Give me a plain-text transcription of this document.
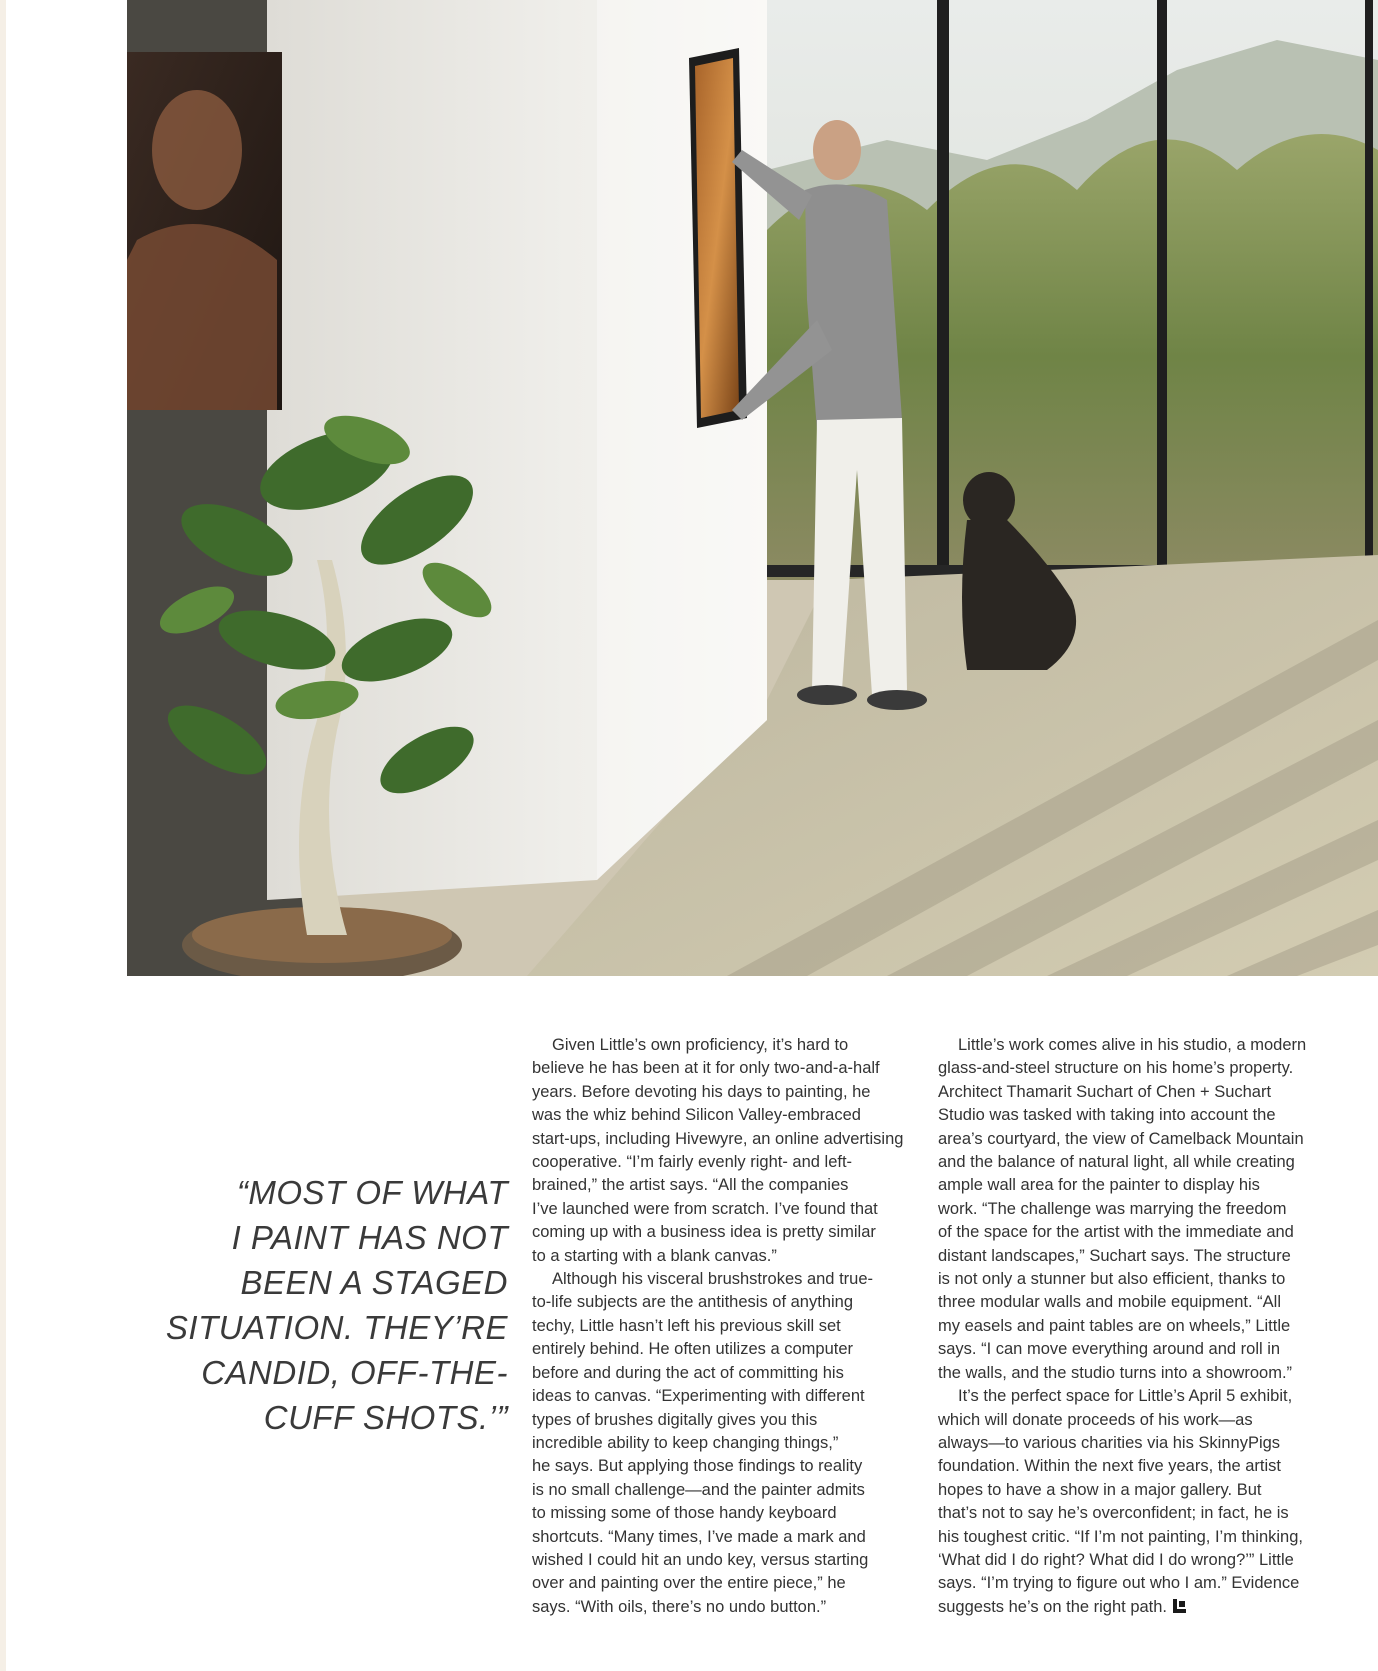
“MOST OF WHAT
I PAINT HAS NOT
BEEN A STAGED
SITUATION. THEY’RE
CANDID, OFF-THE-
CUFF SHOTS.’”
Given Little’s own proficiency, it’s hard to
believe he has been at it for only two-and-a-half
years. Before devoting his days to painting, he
was the whiz behind Silicon Valley-embraced
start-ups, including Hivewyre, an online advertising
cooperative. “I’m fairly evenly right- and left-
brained,” the artist says. “All the companies
I’ve launched were from scratch. I’ve found that
coming up with a business idea is pretty similar
to a starting with a blank canvas.”
Although his visceral brushstrokes and true-
to-life subjects are the antithesis of anything
techy, Little hasn’t left his previous skill set
entirely behind. He often utilizes a computer
before and during the act of committing his
ideas to canvas. “Experimenting with different
types of brushes digitally gives you this
incredible ability to keep changing things,”
he says. But applying those findings to reality
is no small challenge—and the painter admits
to missing some of those handy keyboard
shortcuts. “Many times, I’ve made a mark and
wished I could hit an undo key, versus starting
over and painting over the entire piece,” he
says. “With oils, there’s no undo button.”
Little’s work comes alive in his studio, a modern
glass-and-steel structure on his home’s property.
Architect Thamarit Suchart of Chen + Suchart
Studio was tasked with taking into account the
area’s courtyard, the view of Camelback Mountain
and the balance of natural light, all while creating
ample wall area for the painter to display his
work. “The challenge was marrying the freedom
of the space for the artist with the immediate and
distant landscapes,” Suchart says. The structure
is not only a stunner but also efficient, thanks to
three modular walls and mobile equipment. “All
my easels and paint tables are on wheels,” Little
says. “I can move everything around and roll in
the walls, and the studio turns into a showroom.”
It’s the perfect space for Little’s April 5 exhibit,
which will donate proceeds of his work—as
always—to various charities via his SkinnyPigs
foundation. Within the next five years, the artist
hopes to have a show in a major gallery. But
that’s not to say he’s overconfident; in fact, he is
his toughest critic. “If I’m not painting, I’m thinking,
‘What did I do right? What did I do wrong?’” Little
says. “I’m trying to figure out who I am.” Evidence
suggests he’s on the right path.
